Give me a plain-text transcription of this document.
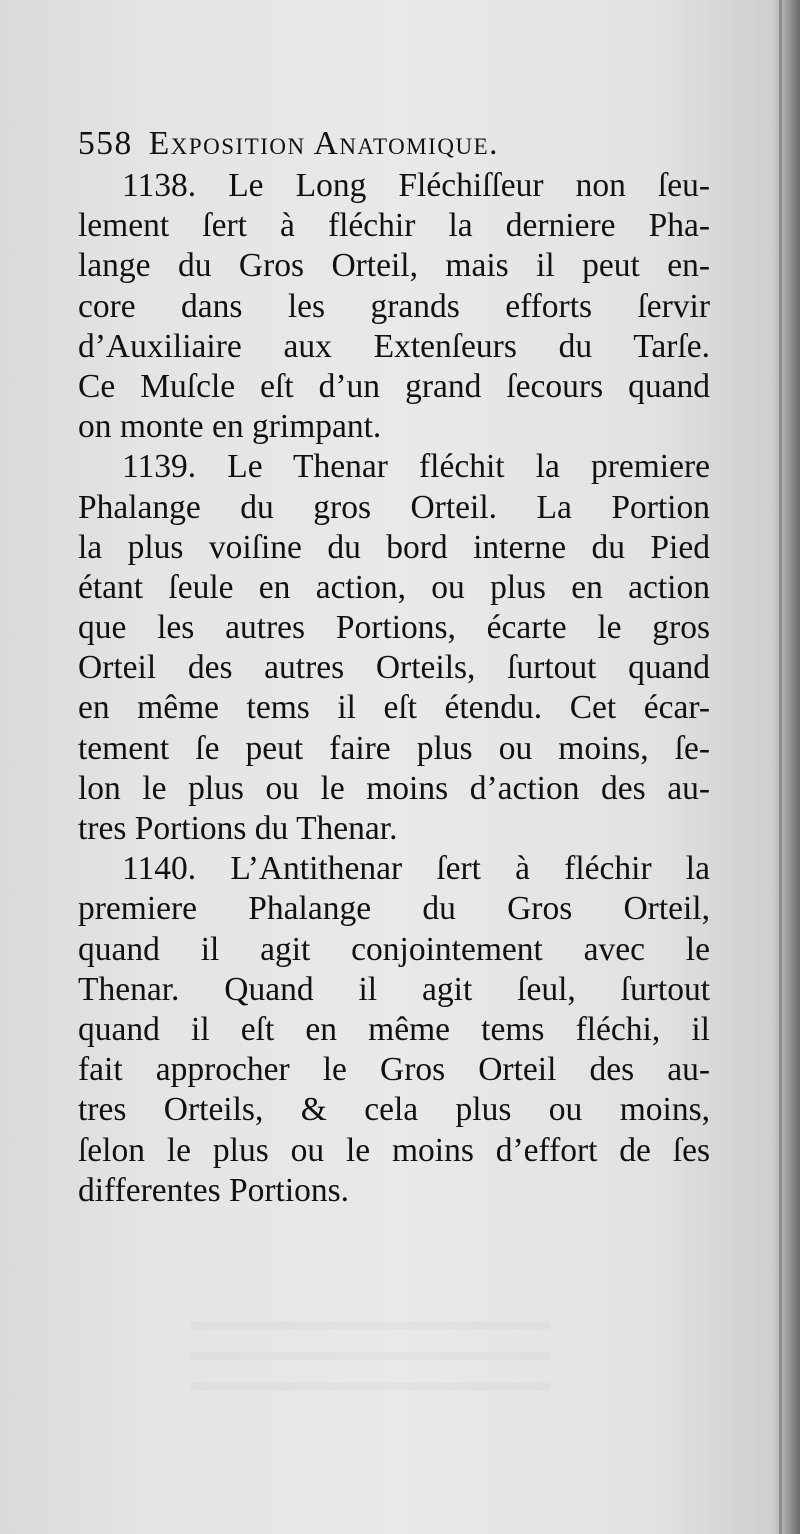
558 Exposition Anatomique.
1138. Le Long Fléchiſſeur non ſeu-
lement ſert à fléchir la derniere Pha-
lange du Gros Orteil, mais il peut en-
core dans les grands efforts ſervir
d’Auxiliaire aux Extenſeurs du Tarſe.
Ce Muſcle eſt d’un grand ſecours quand
on monte en grimpant.
1139. Le Thenar fléchit la premiere
Phalange du gros Orteil. La Portion
la plus voiſine du bord interne du Pied
étant ſeule en action, ou plus en action
que les autres Portions, écarte le gros
Orteil des autres Orteils, ſurtout quand
en même tems il eſt étendu. Cet écar-
tement ſe peut faire plus ou moins, ſe-
lon le plus ou le moins d’action des au-
tres Portions du Thenar.
1140. L’Antithenar ſert à fléchir la
premiere Phalange du Gros Orteil,
quand il agit conjointement avec le
Thenar. Quand il agit ſeul, ſurtout
quand il eſt en même tems fléchi, il
fait approcher le Gros Orteil des au-
tres Orteils, & cela plus ou moins,
ſelon le plus ou le moins d’effort de ſes
differentes Portions.
